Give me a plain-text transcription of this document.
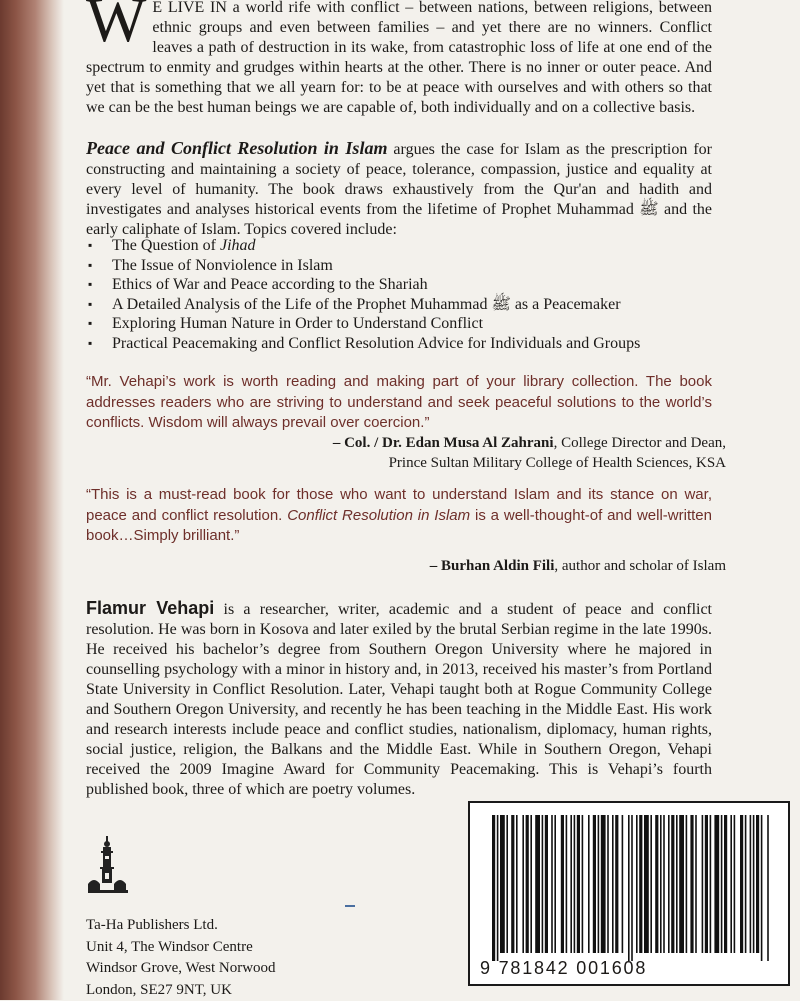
W E LIVE IN a world rife with conflict – between nations, between religions, between ethnic groups and even between families – and yet there are no winners. Conflict leaves a path of destruction in its wake, from catastrophic loss of life at one end of the spectrum to enmity and grudges within hearts at the other. There is no inner or outer peace. And yet that is something that we all yearn for: to be at peace with ourselves and with others so that we can be the best human beings we are capable of, both individually and on a collective basis.

Peace and Conflict Resolution in Islam argues the case for Islam as the prescription for constructing and maintaining a society of peace, tolerance, compassion, justice and equality at every level of humanity. The book draws exhaustively from the Qur'an and hadith and investigates and analyses historical events from the lifetime of Prophet Muhammad ﷺ and the early caliphate of Islam. Topics covered include:

▪ The Question of Jihad
▪ The Issue of Nonviolence in Islam
▪ Ethics of War and Peace according to the Shariah
▪ A Detailed Analysis of the Life of the Prophet Muhammad ﷺ as a Peacemaker
▪ Exploring Human Nature in Order to Understand Conflict
▪ Practical Peacemaking and Conflict Resolution Advice for Individuals and Groups

“Mr. Vehapi’s work is worth reading and making part of your library collection. The book addresses readers who are striving to understand and seek peaceful solutions to the world’s conflicts. Wisdom will always prevail over coercion.”

– Col. / Dr. Edan Musa Al Zahrani, College Director and Dean,
Prince Sultan Military College of Health Sciences, KSA

“This is a must-read book for those who want to understand Islam and its stance on war, peace and conflict resolution. Conflict Resolution in Islam is a well-thought-of and well-written book…Simply brilliant.”

– Burhan Aldin Fili, author and scholar of Islam

Flamur Vehapi is a researcher, writer, academic and a student of peace and conflict resolution. He was born in Kosova and later exiled by the brutal Serbian regime in the late 1990s. He received his bachelor’s degree from Southern Oregon University where he majored in counselling psychology with a minor in history and, in 2013, received his master’s from Portland State University in Conflict Resolution. Later, Vehapi taught both at Rogue Community College and Southern Oregon University, and recently he has been teaching in the Middle East. His work and research interests include peace and conflict studies, nationalism, diplomacy, human rights, social justice, religion, the Balkans and the Middle East. While in Southern Oregon, Vehapi received the 2009 Imagine Award for Community Peacemaking. This is Vehapi’s fourth published book, three of which are poetry volumes.

Ta-Ha Publishers Ltd.
Unit 4, The Windsor Centre
Windsor Grove, West Norwood
London, SE27 9NT, UK
9 781842 001608
